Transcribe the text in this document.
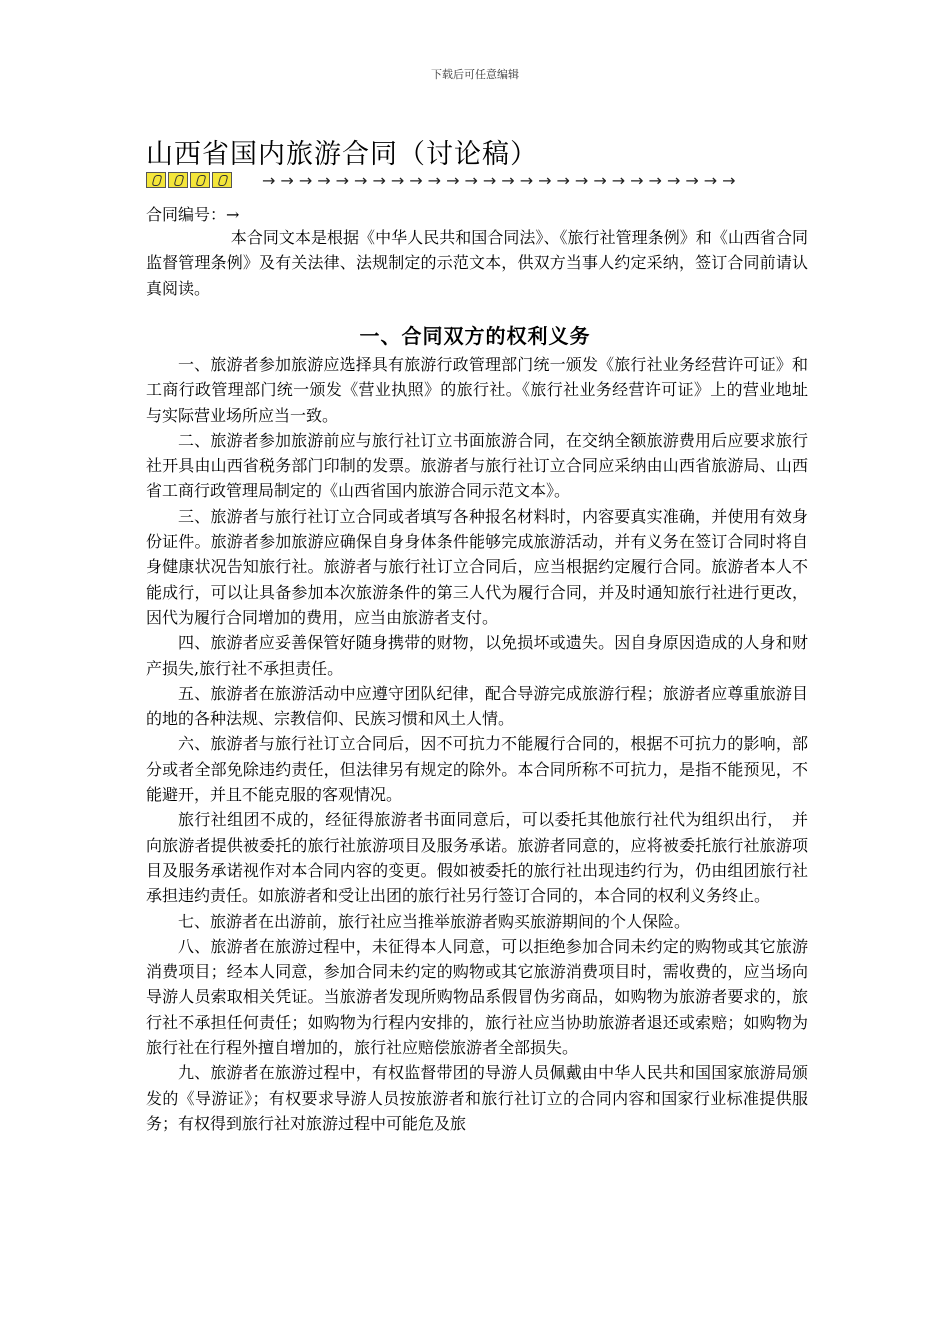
下载后可任意编辑
山西省国内旅游合同（讨论稿）
→→→→→→→→→→→→→→→→→→→→→→→→→→
合同编号：→

本合同文本是根据《中华人民共和国合同法》、《旅行社管理条例》和《山西省合同监督管理条例》及有关法律、法规制定的示范文本，供双方当事人约定采纳，签订合同前请认真阅读。

一、合同双方的权利义务

一、旅游者参加旅游应选择具有旅游行政管理部门统一颁发《旅行社业务经营许可证》和工商行政管理部门统一颁发《营业执照》的旅行社。《旅行社业务经营许可证》上的营业地址与实际营业场所应当一致。

二、旅游者参加旅游前应与旅行社订立书面旅游合同，在交纳全额旅游费用后应要求旅行社开具由山西省税务部门印制的发票。旅游者与旅行社订立合同应采纳由山西省旅游局、山西省工商行政管理局制定的《山西省国内旅游合同示范文本》。

三、旅游者与旅行社订立合同或者填写各种报名材料时，内容要真实准确，并使用有效身份证件。旅游者参加旅游应确保自身身体条件能够完成旅游活动，并有义务在签订合同时将自身健康状况告知旅行社。旅游者与旅行社订立合同后，应当根据约定履行合同。旅游者本人不能成行，可以让具备参加本次旅游条件的第三人代为履行合同，并及时通知旅行社进行更改，因代为履行合同增加的费用，应当由旅游者支付。

四、旅游者应妥善保管好随身携带的财物，以免损坏或遗失。因自身原因造成的人身和财产损失,旅行社不承担责任。

五、旅游者在旅游活动中应遵守团队纪律，配合导游完成旅游行程；旅游者应尊重旅游目的地的各种法规、宗教信仰、民族习惯和风土人情。

六、旅游者与旅行社订立合同后，因不可抗力不能履行合同的，根据不可抗力的影响，部分或者全部免除违约责任，但法律另有规定的除外。本合同所称不可抗力，是指不能预见，不能避开，并且不能克服的客观情况。

旅行社组团不成的，经征得旅游者书面同意后，可以委托其他旅行社代为组织出行，　并向旅游者提供被委托的旅行社旅游项目及服务承诺。旅游者同意的，应将被委托旅行社旅游项目及服务承诺视作对本合同内容的变更。假如被委托的旅行社出现违约行为，仍由组团旅行社承担违约责任。如旅游者和受让出团的旅行社另行签订合同的，本合同的权利义务终止。

七、旅游者在出游前，旅行社应当推举旅游者购买旅游期间的个人保险。

八、旅游者在旅游过程中，未征得本人同意，可以拒绝参加合同未约定的购物或其它旅游消费项目；经本人同意，参加合同未约定的购物或其它旅游消费项目时，需收费的，应当场向导游人员索取相关凭证。当旅游者发现所购物品系假冒伪劣商品，如购物为旅游者要求的，旅行社不承担任何责任；如购物为行程内安排的，旅行社应当协助旅游者退还或索赔；如购物为旅行社在行程外擅自增加的，旅行社应赔偿旅游者全部损失。

九、旅游者在旅游过程中，有权监督带团的导游人员佩戴由中华人民共和国国家旅游局颁发的《导游证》；有权要求导游人员按旅游者和旅行社订立的合同内容和国家行业标准提供服务；有权得到旅行社对旅游过程中可能危及旅
